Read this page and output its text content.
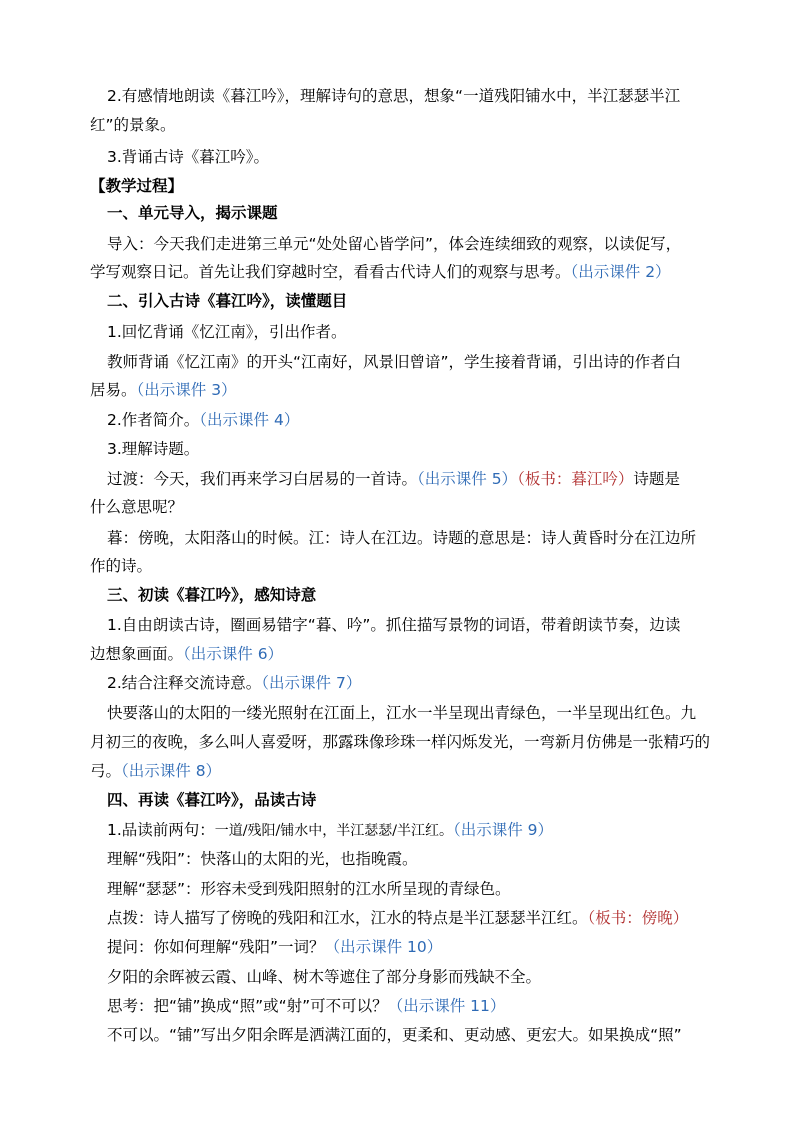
2.有感情地朗读《暮江吟》，理解诗句的意思，想象“一道残阳铺水中，半江瑟瑟半江
红”的景象。
3.背诵古诗《暮江吟》。
【教学过程】
一、单元导入，揭示课题
导入：今天我们走进第三单元“处处留心皆学问”，体会连续细致的观察，以读促写，
学写观察日记。首先让我们穿越时空，看看古代诗人们的观察与思考。（出示课件 2）
二、引入古诗《暮江吟》，读懂题目
1.回忆背诵《忆江南》，引出作者。
教师背诵《忆江南》的开头“江南好，风景旧曾谙”，学生接着背诵，引出诗的作者白
居易。（出示课件 3）
2.作者简介。（出示课件 4）
3.理解诗题。
过渡：今天，我们再来学习白居易的一首诗。（出示课件 5）（板书：暮江吟）诗题是
什么意思呢？
暮：傍晚，太阳落山的时候。江：诗人在江边。诗题的意思是：诗人黄昏时分在江边所
作的诗。
三、初读《暮江吟》，感知诗意
1.自由朗读古诗，圈画易错字“暮、吟”。抓住描写景物的词语，带着朗读节奏，边读
边想象画面。（出示课件 6）
2.结合注释交流诗意。（出示课件 7）
快要落山的太阳的一缕光照射在江面上，江水一半呈现出青绿色，一半呈现出红色。九
月初三的夜晚，多么叫人喜爱呀，那露珠像珍珠一样闪烁发光，一弯新月仿佛是一张精巧的
弓。（出示课件 8）
四、再读《暮江吟》，品读古诗
1.品读前两句：一道/残阳/铺水中，半江瑟瑟/半江红。（出示课件 9）
理解“残阳”：快落山的太阳的光，也指晚霞。
理解“瑟瑟”：形容未受到残阳照射的江水所呈现的青绿色。
点拨：诗人描写了傍晚的残阳和江水，江水的特点是半江瑟瑟半江红。（板书：傍晚）
提问：你如何理解“残阳”一词？（出示课件 10）
夕阳的余晖被云霞、山峰、树木等遮住了部分身影而残缺不全。
思考：把“铺”换成“照”或“射”可不可以？（出示课件 11）
不可以。“铺”写出夕阳余晖是洒满江面的，更柔和、更动感、更宏大。如果换成“照”
